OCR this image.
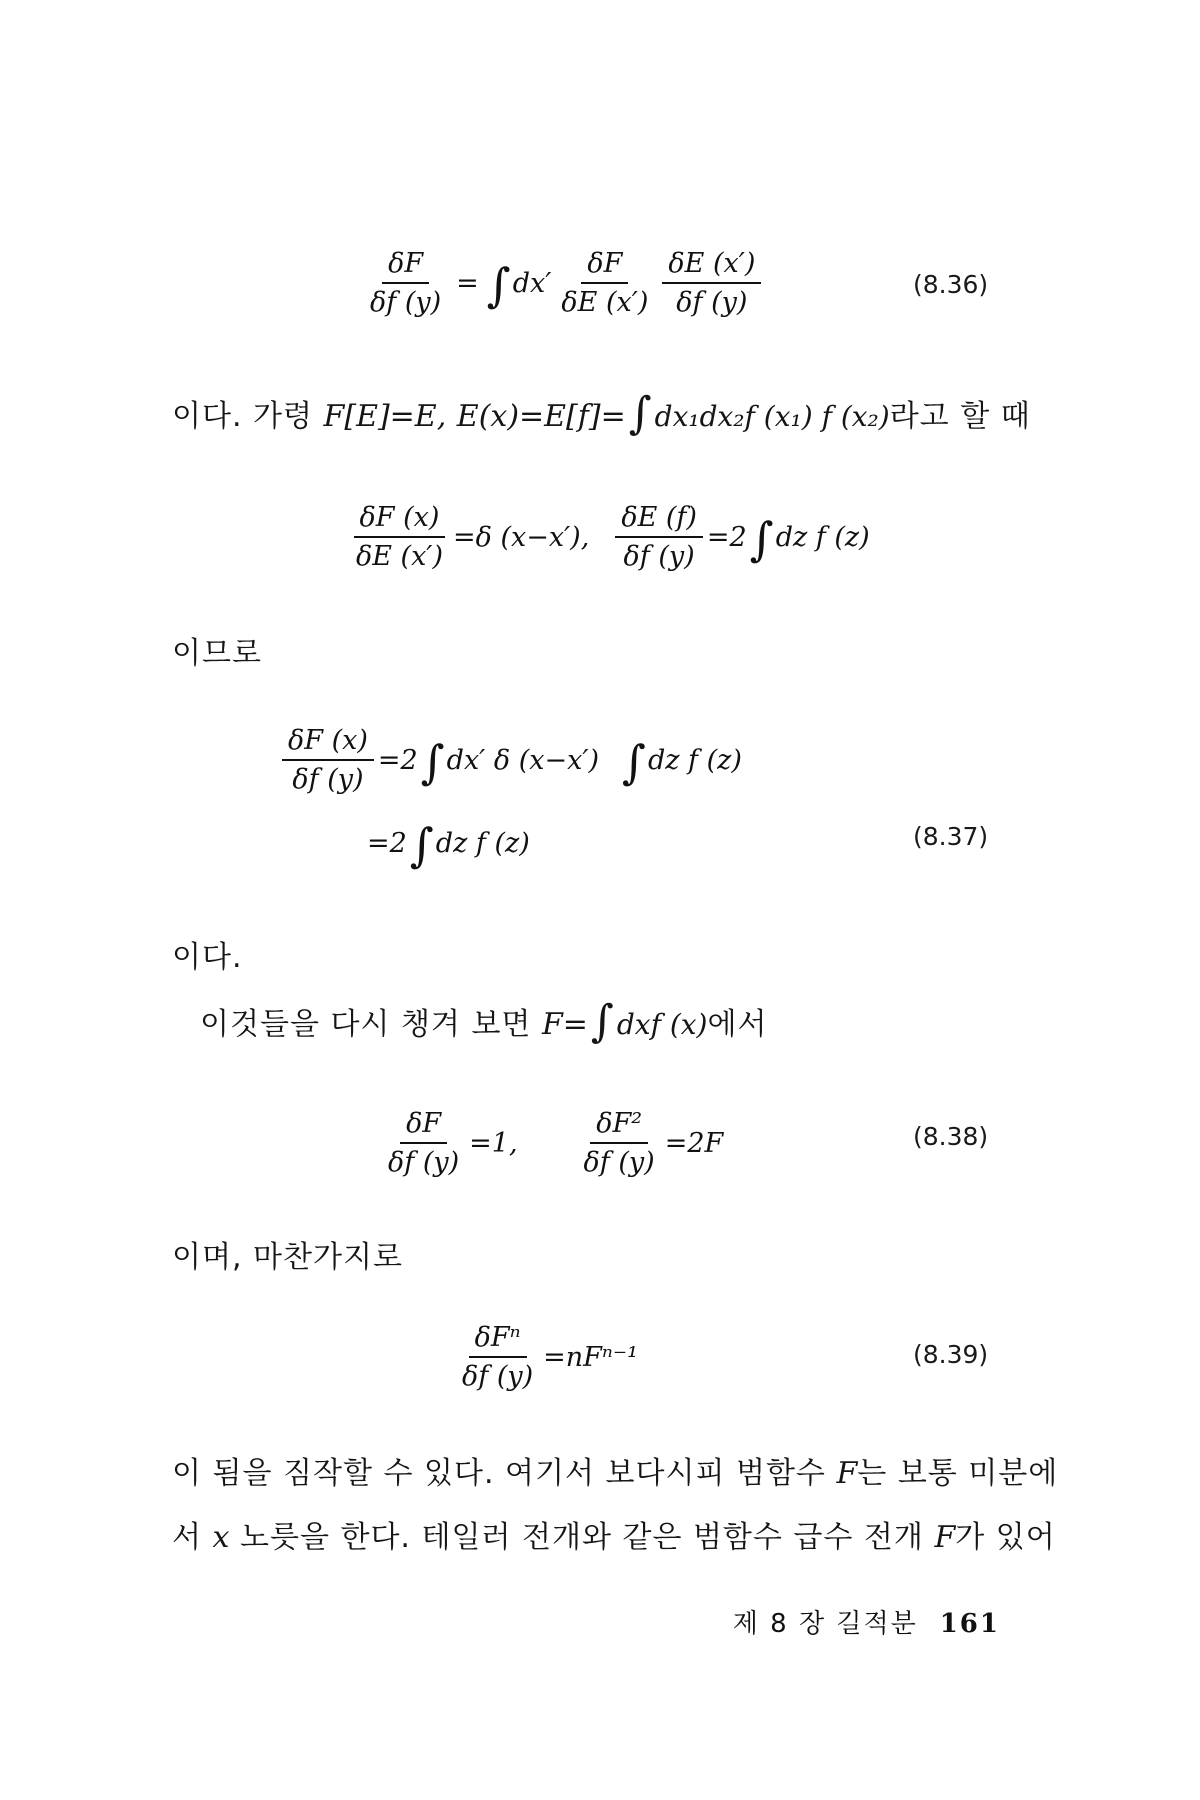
$\frac{\delta F}{\delta f (y)}$ = ∫ $dx' \frac{\delta F}{\delta E (x')} \frac{\delta E (x')}{\delta f (y)}$	(8.36)
이다. 가령 F[E]=E, E(x)=E[f]=∫dx₁dx₂f (x₁) f (x₂)라고 할 때
$\frac{\delta F (x)}{\delta E (x')} =\delta$ (x−x′), $\frac{\delta E (f)}{\delta f (y)} =2$ ∫ dz f (z)
이므로
$\frac{\delta F (x)}{\delta f (y)} =2$ ∫ dx′ δ (x−x′) ∫ dz f (z)
=2 ∫ dz f (z)	(8.37)
이다.
이것들을 다시 챙겨 보면 F=∫dxf (x)에서
$\frac{\delta F}{\delta f (y)} =1$, $\frac{\text{δF²}}{\delta f (y)} =2F$	(8.38)
이며, 마찬가지로
$\frac{\text{δFⁿ}}{\delta f (y)} =nF^{n-1}$	(8.39)
이 됨을 짐작할 수 있다. 여기서 보다시피 범함수 F는 보통 미분에
서 x 노릇을 한다. 테일러 전개와 같은 범함수 급수 전개 F가 있어
제 8 장 길적분 161
